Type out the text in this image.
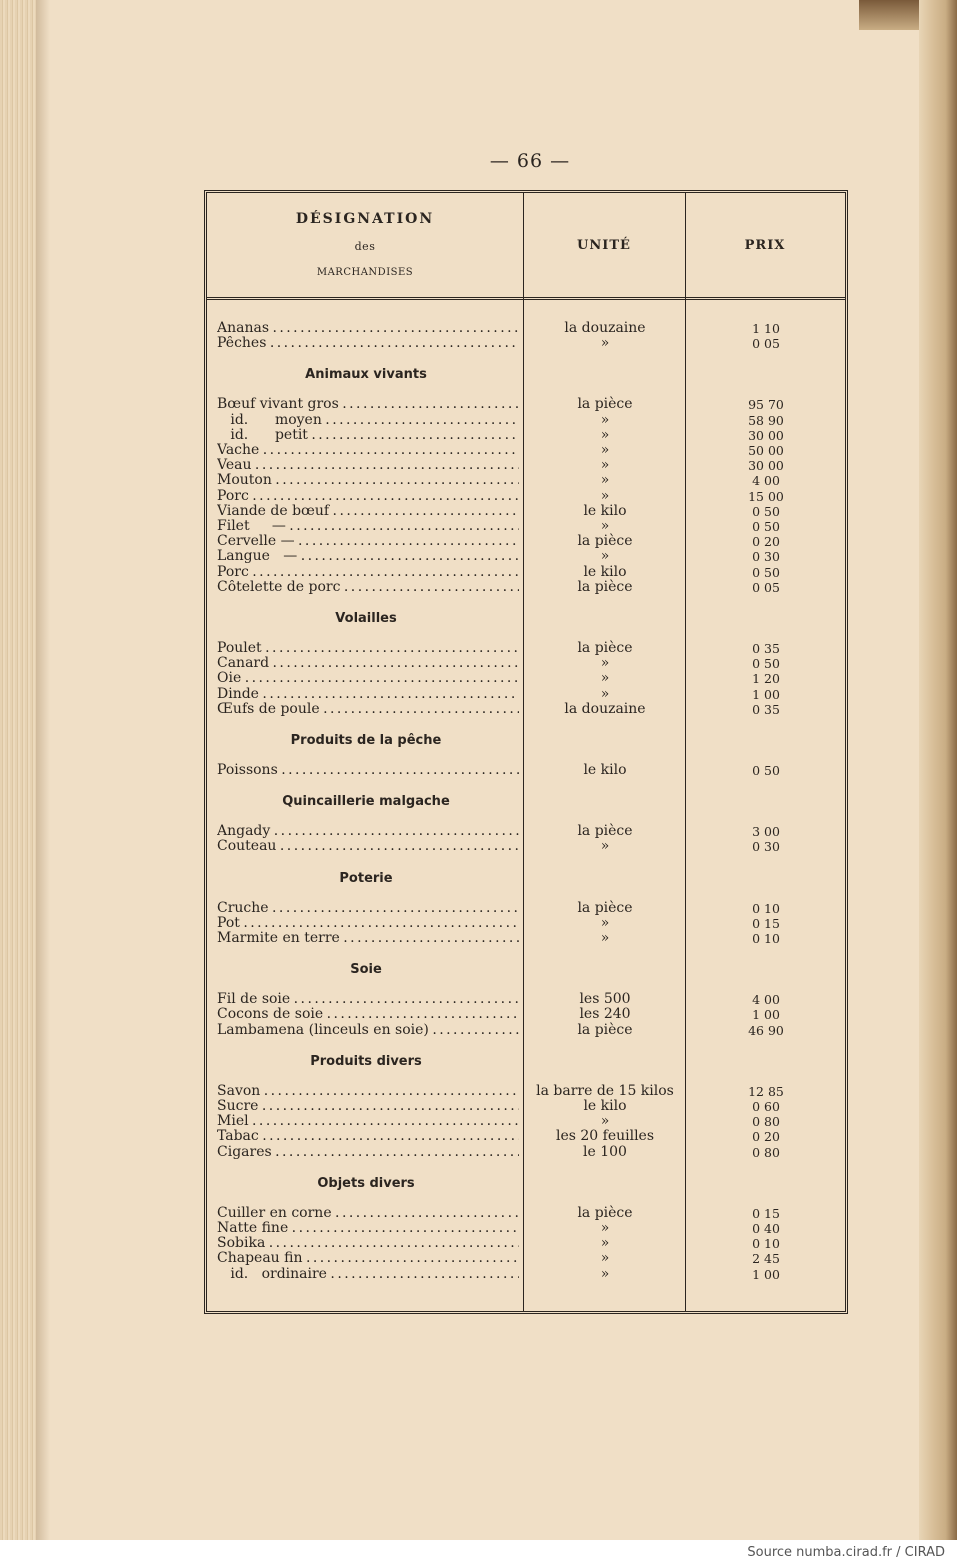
— 66 —
DÉSIGNATION
des
MARCHANDISES
UNITÉ	PRIX
Ananas . . .	la douzaine	1 10
Pêches . . .	»	0 05
Animaux vivants
Bœuf vivant gros . . .	la pièce	95 70
id.      moyen . . .	»	58 90
id.      petit . . .	»	30 00
Vache . . .	»	50 00
Veau . . .	»	30 00
Mouton . . .	»	4 00
Porc . . .	»	15 00
Viande de bœuf . . .	le kilo	0 50
Filet     — . . .	»	0 50
Cervelle — . . .	la pièce	0 20
Langue   — . . .	»	0 30
Porc . . .	le kilo	0 50
Côtelette de porc . . .	la pièce	0 05
Volailles
Poulet . . .	la pièce	0 35
Canard . . .	»	0 50
Oie . . .	»	1 20
Dinde . . .	»	1 00
Œufs de poule . . .	la douzaine	0 35
Produits de la pêche
Poissons . . .	le kilo	0 50
Quincaillerie malgache
Angady . . .	la pièce	3 00
Couteau . . .	»	0 30
Poterie
Cruche . . .	la pièce	0 10
Pot . . .	»	0 15
Marmite en terre . . .	»	0 10
Soie
Fil de soie . . .	les 500	4 00
Cocons de soie . . .	les 240	1 00
Lambamena (linceuls en soie) . . .	la pièce	46 90
Produits divers
Savon . . .	la barre de 15 kilos	12 85
Sucre . . .	le kilo	0 60
Miel . . .	»	0 80
Tabac . . .	les 20 feuilles	0 20
Cigares . . .	le 100	0 80
Objets divers
Cuiller en corne . . .	la pièce	0 15
Natte fine . . .	»	0 40
Sobika . . .	»	0 10
Chapeau fin . . .	»	2 45
id.   ordinaire . . .	»	1 00
Source numba.cirad.fr / CIRAD
